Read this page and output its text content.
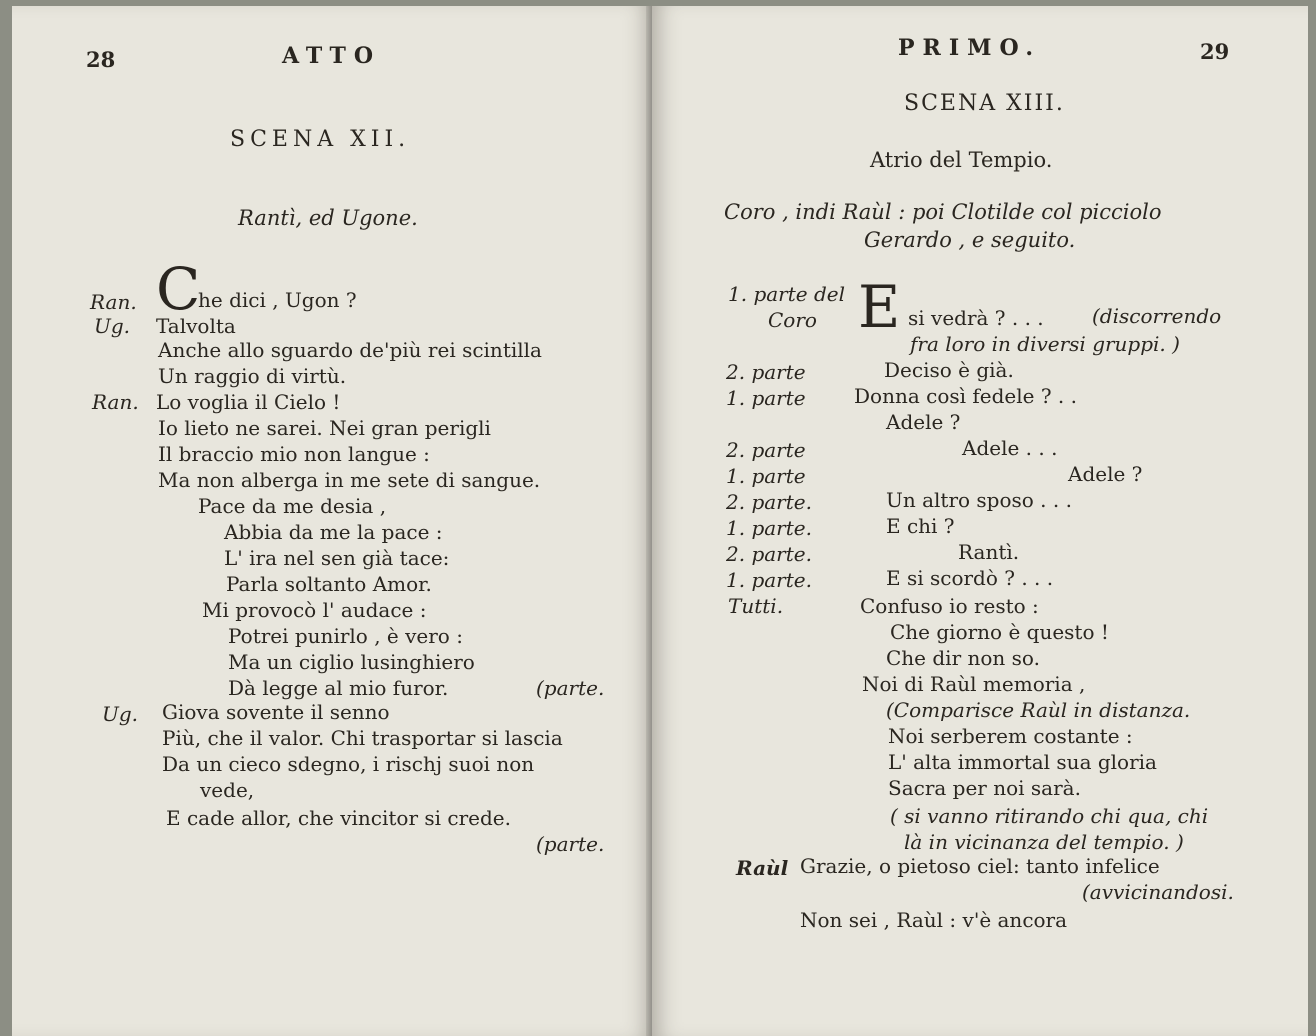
28	ATTO
SCENA XII.
Rantì, ed Ugone.
Ran. C
he dici , Ugon ?
Ug. Talvolta
Anche allo sguardo de'più rei scintilla
Un raggio di virtù.
Ran. Lo voglia il Cielo !
Io lieto ne sarei. Nei gran perigli
Il braccio mio non langue :
Ma non alberga in me sete di sangue.
Pace da me desia ,
Abbia da me la pace :
L' ira nel sen già tace:
Parla soltanto Amor.
Mi provocò l' audace :
Potrei punirlo , è vero :
Ma un ciglio lusinghiero
Dà legge al mio furor.	(parte.
Ug. Giova sovente il senno
Più, che il valor. Chi trasportar si lascia
Da un cieco sdegno, i rischj suoi non
vede,
E cade allor, che vincitor si crede.
(parte.
PRIMO.	29
SCENA XIII.
Atrio del Tempio.
Coro , indi Raùl : poi Clotilde col picciolo
Gerardo , e seguito.
1. parte del E si vedrà ? . . . (discorrendo
Coro
fra loro in diversi gruppi. )
2. parte	Deciso è già.
1. parte Donna così fedele ? . .
Adele ?
2. parte	Adele . . .
1. parte	Adele ?
2. parte.	Un altro sposo . . .
1. parte.	E chi ?
2. parte.	Rantì.
1. parte.	E si scordò ? . . .
Tutti.	Confuso io resto :
Che giorno è questo !
Che dir non so.
Noi di Raùl memoria ,
(Comparisce Raùl in distanza.
Noi serberem costante :
L' alta immortal sua gloria
Sacra per noi sarà.
( si vanno ritirando chi qua, chi
là in vicinanza del tempio. )
Raùl Grazie, o pietoso ciel: tanto infelice
(avvicinandosi.
Non sei , Raùl : v'è ancora
